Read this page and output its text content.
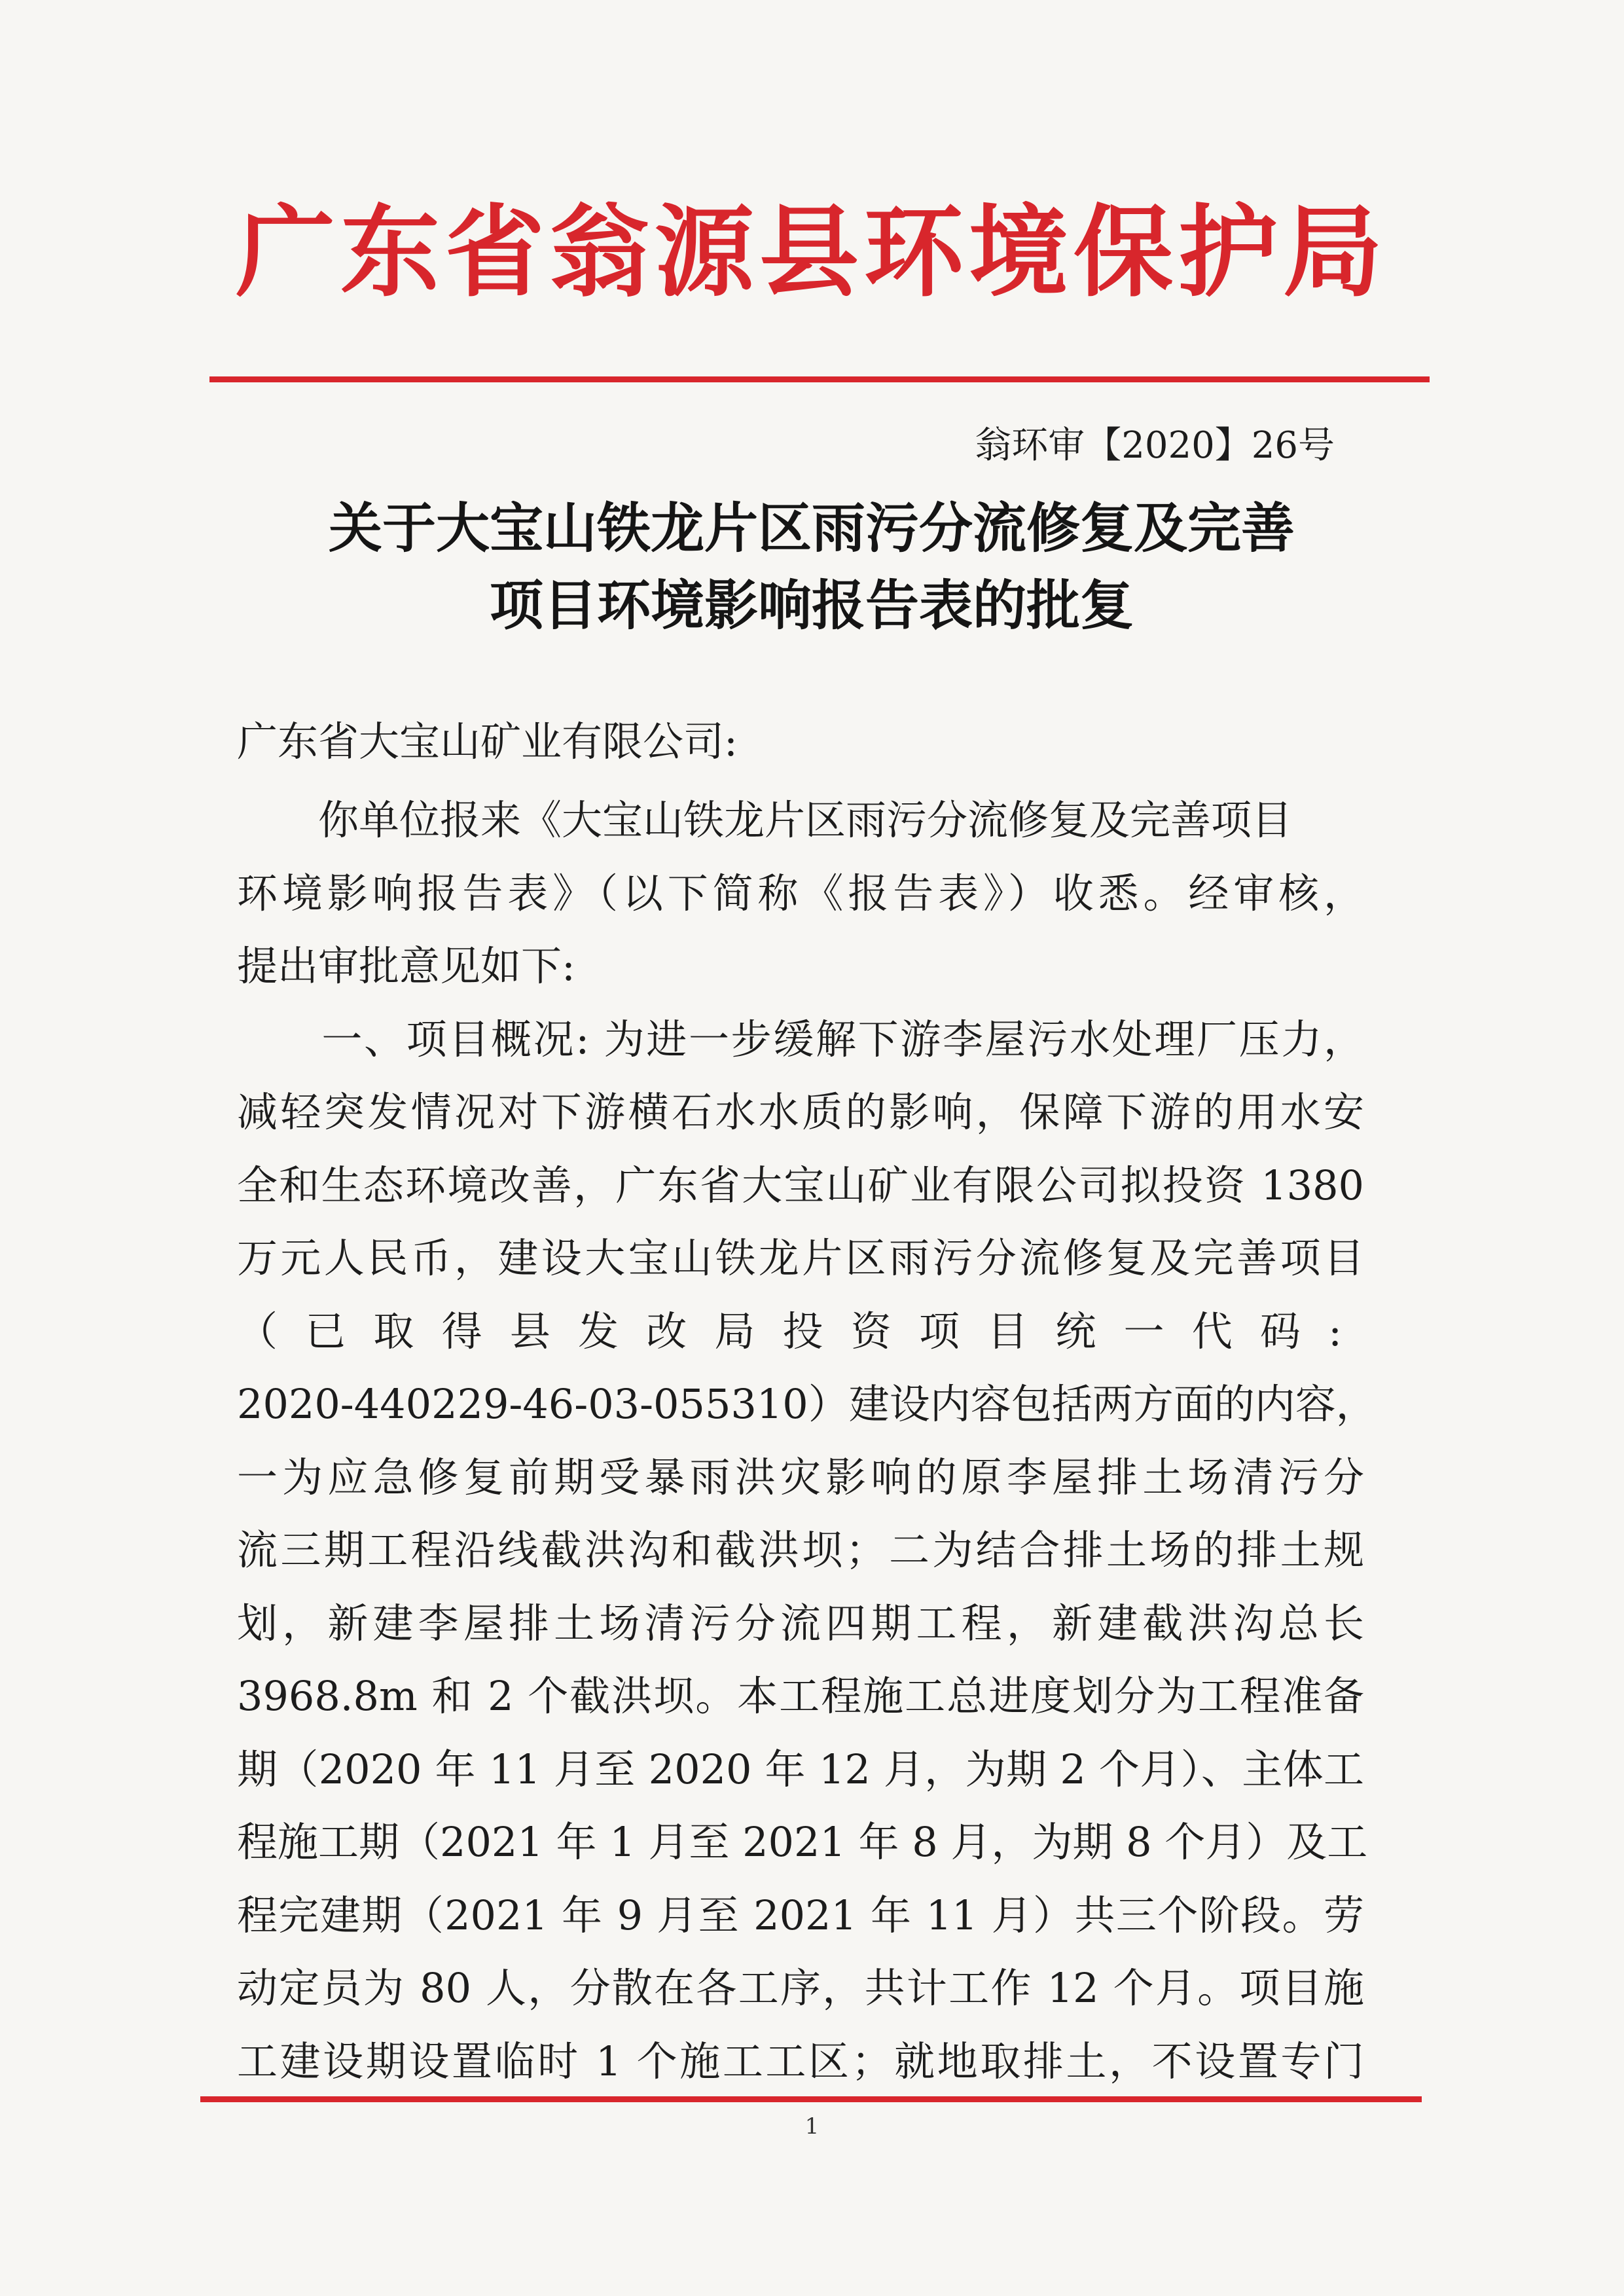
广东省翁源县环境保护局
翁环审【2020】26号
关于大宝山铁龙片区雨污分流修复及完善
项目环境影响报告表的批复
广东省大宝山矿业有限公司:
　　你单位报来《大宝山铁龙片区雨污分流修复及完善项目
环境影响报告表》（以下简称《报告表》）收悉。经审核，
提出审批意见如下:
　　一、项目概况: 为进一步缓解下游李屋污水处理厂压力，
减轻突发情况对下游横石水水质的影响，保障下游的用水安
全和生态环境改善，广东省大宝山矿业有限公司拟投资 1380
万元人民币，建设大宝山铁龙片区雨污分流修复及完善项目
（已取得县发改局投资项目统一代码:
2020-440229-46-03-055310）建设内容包括两方面的内容，
一为应急修复前期受暴雨洪灾影响的原李屋排土场清污分
流三期工程沿线截洪沟和截洪坝；二为结合排土场的排土规
划，新建李屋排土场清污分流四期工程，新建截洪沟总长
3968.8m 和 2 个截洪坝。本工程施工总进度划分为工程准备
期（2020 年 11 月至 2020 年 12 月，为期 2 个月）、主体工
程施工期（2021 年 1 月至 2021 年 8 月，为期 8 个月）及工
程完建期（2021 年 9 月至 2021 年 11 月）共三个阶段。劳
动定员为 80 人，分散在各工序，共计工作 12 个月。项目施
工建设期设置临时 1 个施工工区；就地取排土，不设置专门
1
